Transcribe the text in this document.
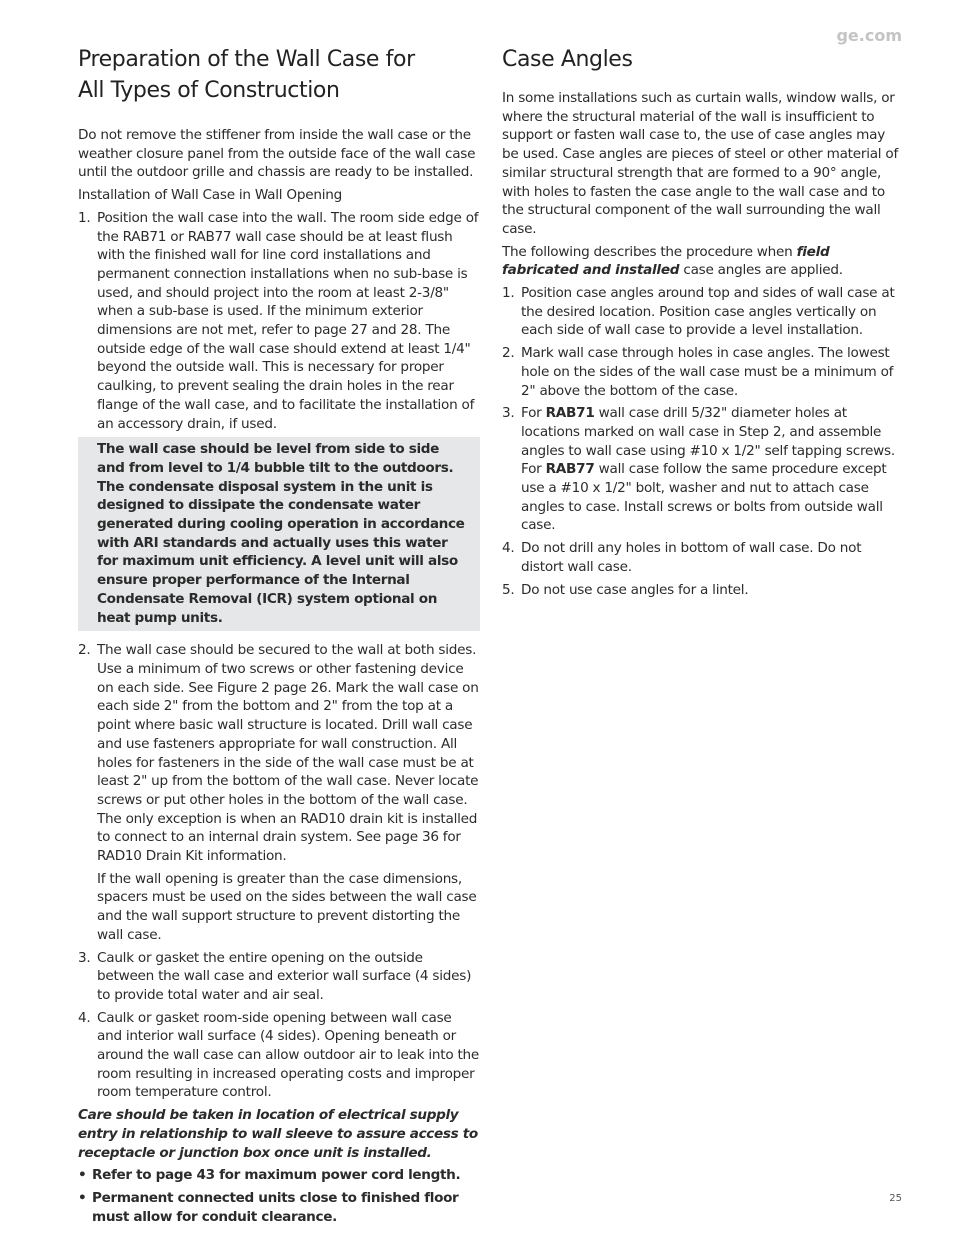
ge.com
Preparation of the Wall Case for
All Types of Construction

Do not remove the stiffener from inside the wall case or the weather closure panel from the outside face of the wall case until the outdoor grille and chassis are ready to be installed.

Installation of Wall Case in Wall Opening

1. Position the wall case into the wall. The room side edge of the RAB71 or RAB77 wall case should be at least flush with the finished wall for line cord installations and permanent connection installations when no sub-base is used, and should project into the room at least 2-3/8" when a sub-base is used. If the minimum exterior dimensions are not met, refer to page 27 and 28. The outside edge of the wall case should extend at least 1/4" beyond the outside wall. This is necessary for proper caulking, to prevent sealing the drain holes in the rear flange of the wall case, and to facilitate the installation of an accessory drain, if used.
The wall case should be level from side to side and from level to 1/4 bubble tilt to the outdoors. The condensate disposal system in the unit is designed to dissipate the condensate water generated during cooling operation in accordance with ARI standards and actually uses this water for maximum unit efficiency. A level unit will also ensure proper performance of the Internal Condensate Removal (ICR) system optional on heat pump units.
2. The wall case should be secured to the wall at both sides. Use a minimum of two screws or other fastening device on each side. See Figure 2 page 26. Mark the wall case on each side 2" from the bottom and 2" from the top at a point where basic wall structure is located. Drill wall case and use fasteners appropriate for wall construction. All holes for fasteners in the side of the wall case must be at least 2" up from the bottom of the wall case. Never locate screws or put other holes in the bottom of the wall case. The only exception is when an RAD10 drain kit is installed to connect to an internal drain system. See page 36 for RAD10 Drain Kit information.
If the wall opening is greater than the case dimensions, spacers must be used on the sides between the wall case and the wall support structure to prevent distorting the wall case.
3. Caulk or gasket the entire opening on the outside between the wall case and exterior wall surface (4 sides) to provide total water and air seal.
4. Caulk or gasket room-side opening between wall case and interior wall surface (4 sides). Opening beneath or around the wall case can allow outdoor air to leak into the room resulting in increased operating costs and improper room temperature control.

Care should be taken in location of electrical supply entry in relationship to wall sleeve to assure access to receptacle or junction box once unit is installed.

• Refer to page 43 for maximum power cord length.
• Permanent connected units close to finished floor must allow for conduit clearance.
Case Angles

In some installations such as curtain walls, window walls, or where the structural material of the wall is insufficient to support or fasten wall case to, the use of case angles may be used. Case angles are pieces of steel or other material of similar structural strength that are formed to a 90° angle, with holes to fasten the case angle to the wall case and to the structural component of the wall surrounding the wall case.

The following describes the procedure when field fabricated and installed case angles are applied.

1. Position case angles around top and sides of wall case at the desired location. Position case angles vertically on each side of wall case to provide a level installation.
2. Mark wall case through holes in case angles. The lowest hole on the sides of the wall case must be a minimum of 2" above the bottom of the case.
3. For RAB71 wall case drill 5/32" diameter holes at locations marked on wall case in Step 2, and assemble angles to wall case using #10 x 1/2" self tapping screws. For RAB77 wall case follow the same procedure except use a #10 x 1/2" bolt, washer and nut to attach case angles to case. Install screws or bolts from outside wall case.
4. Do not drill any holes in bottom of wall case. Do not distort wall case.
5. Do not use case angles for a lintel.
25
